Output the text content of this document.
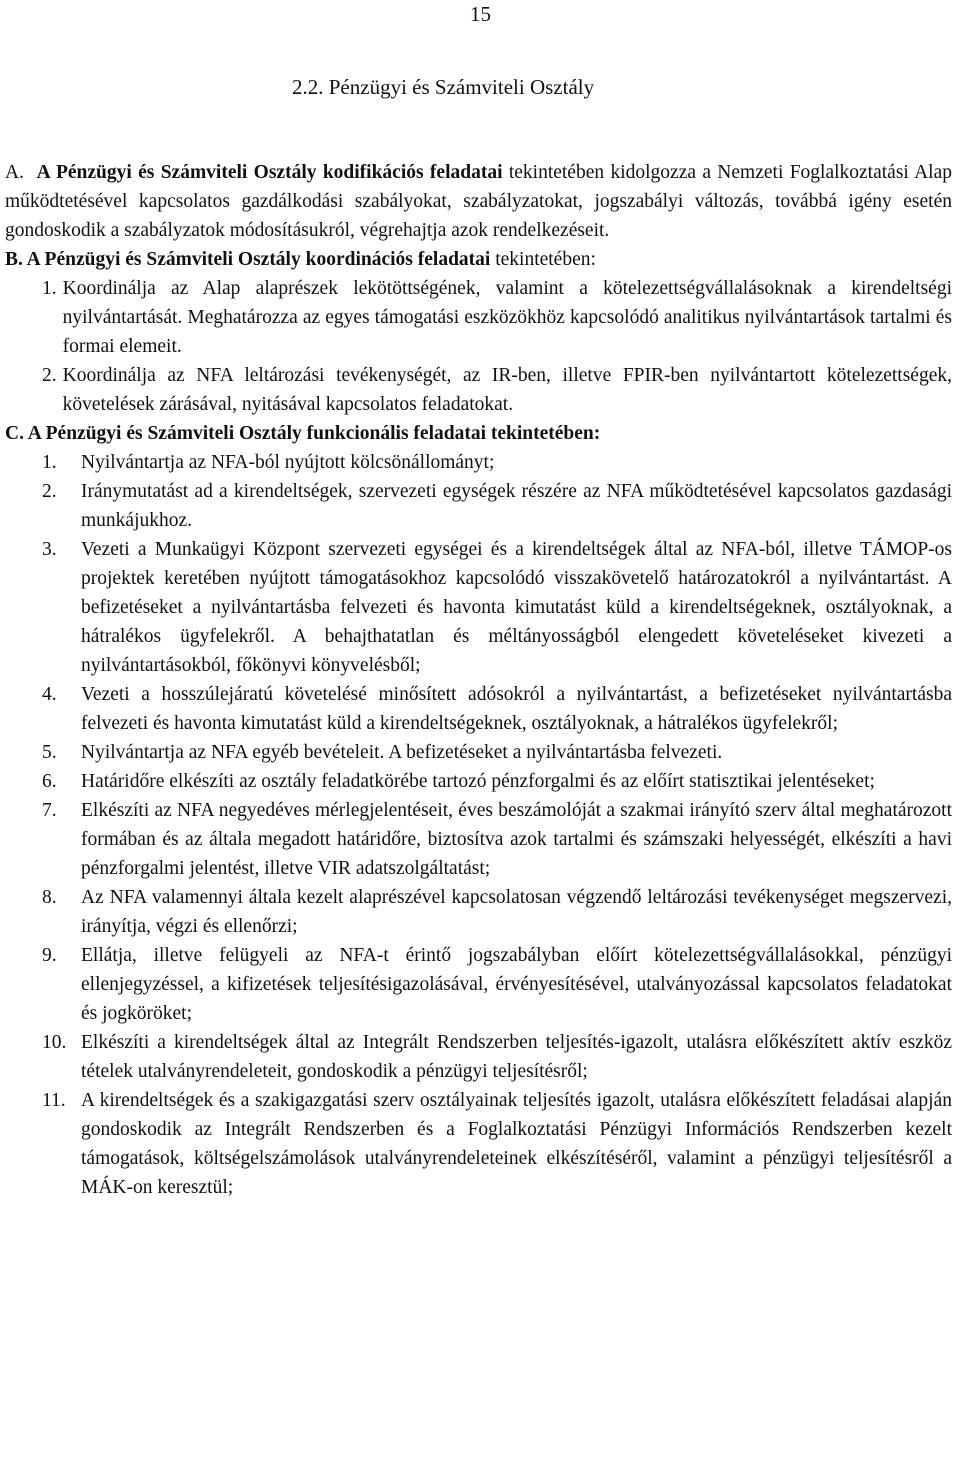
15
2.2. Pénzügyi és Számviteli Osztály

A. A Pénzügyi és Számviteli Osztály kodifikációs feladatai tekintetében kidolgozza a Nemzeti Foglalkoztatási Alap működtetésével kapcsolatos gazdálkodási szabályokat, szabályzatokat, jogszabályi változás, továbbá igény esetén gondoskodik a szabályzatok módosításukról, végrehajtja azok rendelkezéseit.

B. A Pénzügyi és Számviteli Osztály koordinációs feladatai tekintetében:

1. Koordinálja az Alap alaprészek lekötöttségének, valamint a kötelezettségvállalásoknak a kirendeltségi nyilvántartását. Meghatározza az egyes támogatási eszközökhöz kapcsolódó analitikus nyilvántartások tartalmi és formai elemeit.
2. Koordinálja az NFA leltározási tevékenységét, az IR-ben, illetve FPIR-ben nyilvántartott kötelezettségek, követelések zárásával, nyitásával kapcsolatos feladatokat.

C. A Pénzügyi és Számviteli Osztály funkcionális feladatai tekintetében:

1.	Nyilvántartja az NFA-ból nyújtott kölcsönállományt;
2.	Iránymutatást ad a kirendeltségek, szervezeti egységek részére az NFA működtetésével kapcsolatos gazdasági munkájukhoz.
3.	Vezeti a Munkaügyi Központ szervezeti egységei és a kirendeltségek által az NFA-ból, illetve TÁMOP-os projektek keretében nyújtott támogatásokhoz kapcsolódó visszakövetelő határozatokról a nyilvántartást. A befizetéseket a nyilvántartásba felvezeti és havonta kimutatást küld a kirendeltségeknek, osztályoknak, a hátralékos ügyfelekről. A behajthatatlan és méltányosságból elengedett követeléseket kivezeti a nyilvántartásokból, főkönyvi könyvelésből;
4.	Vezeti a hosszúlejáratú követelésé minősített adósokról a nyilvántartást, a befizetéseket nyilvántartásba felvezeti és havonta kimutatást küld a kirendeltségeknek, osztályoknak, a hátralékos ügyfelekről;
5.	Nyilvántartja az NFA egyéb bevételeit. A befizetéseket a nyilvántartásba felvezeti.
6.	Határidőre elkészíti az osztály feladatkörébe tartozó pénzforgalmi és az előírt statisztikai jelentéseket;
7.	Elkészíti az NFA negyedéves mérlegjelentéseit, éves beszámolóját a szakmai irányító szerv által meghatározott formában és az általa megadott határidőre, biztosítva azok tartalmi és számszaki helyességét, elkészíti a havi pénzforgalmi jelentést, illetve VIR adatszolgáltatást;
8.	Az NFA valamennyi általa kezelt alaprészével kapcsolatosan végzendő leltározási tevékenységet megszervezi, irányítja, végzi és ellenőrzi;
9.	Ellátja, illetve felügyeli az NFA-t érintő jogszabályban előírt kötelezettségvállalásokkal, pénzügyi ellenjegyzéssel, a kifizetések teljesítésigazolásával, érvényesítésével, utalványozással kapcsolatos feladatokat és jogköröket;
10. Elkészíti a kirendeltségek által az Integrált Rendszerben teljesítés-igazolt, utalásra előkészített aktív eszköz tételek utalványrendeleteit, gondoskodik a pénzügyi teljesítésről;
11. A kirendeltségek és a szakigazgatási szerv osztályainak teljesítés igazolt, utalásra előkészített feladásai alapján gondoskodik az Integrált Rendszerben és a Foglalkoztatási Pénzügyi Információs Rendszerben kezelt támogatások, költségelszámolások utalványrendeleteinek elkészítéséről, valamint a pénzügyi teljesítésről a MÁK-on keresztül;
